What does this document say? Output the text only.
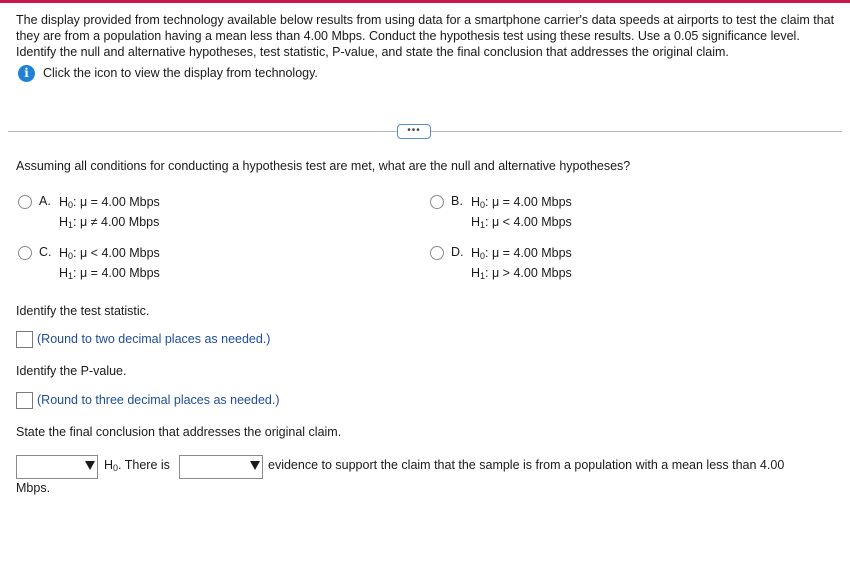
The display provided from technology available below results from using data for a smartphone carrier's data speeds at airports to test the claim that they are from a population having a mean less than 4.00 Mbps. Conduct the hypothesis test using these results. Use a 0.05 significance level. Identify the null and alternative hypotheses, test statistic, P-value, and state the final conclusion that addresses the original claim.
i	Click the icon to view the display from technology.
•••
Assuming all conditions for conducting a hypothesis test are met, what are the null and alternative hypotheses?
A. $H_0$: μ = 4.00 Mbps
$H_1$: μ ≠ 4.00 Mbps
B. $H_0$: μ = 4.00 Mbps
$H_1$: μ < 4.00 Mbps
C. $H_0$: μ < 4.00 Mbps
$H_1$: μ = 4.00 Mbps
D. $H_0$: μ = 4.00 Mbps
$H_1$: μ > 4.00 Mbps
Identify the test statistic.
(Round to two decimal places as needed.)
Identify the P-value.
(Round to three decimal places as needed.)
State the final conclusion that addresses the original claim.
$H_0$. There is	evidence to support the claim that the sample is from a population with a mean less than 4.00
Mbps.
